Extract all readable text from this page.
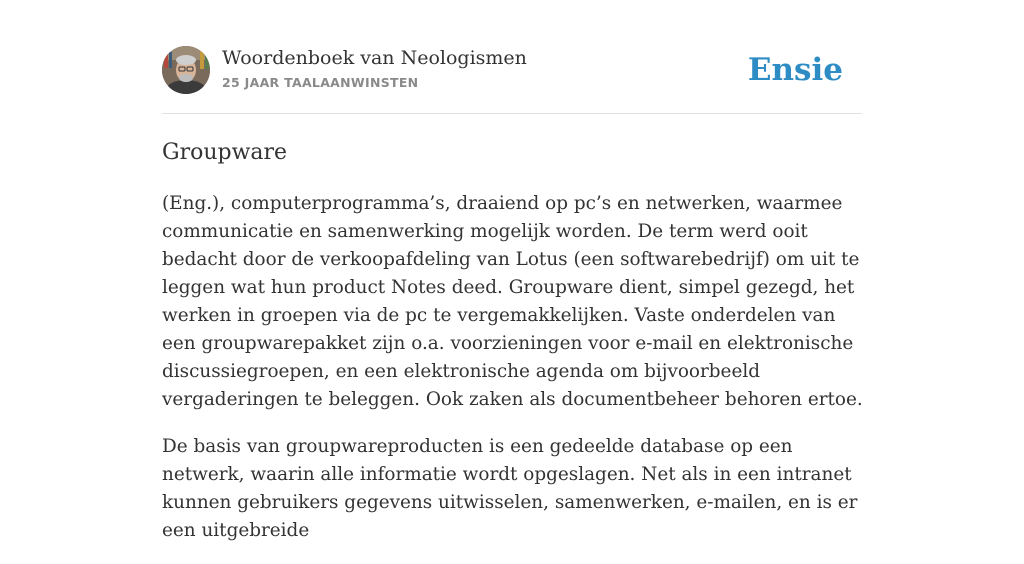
Woordenboek van Neologismen
25 JAAR TAALAANWINSTEN	Ensie
Groupware

(Eng.), computerprogramma’s, draaiend op pc’s en netwerken, waarmee communicatie en samenwerking mogelijk worden. De term werd ooit bedacht door de verkoopafdeling van Lotus (een softwarebedrijf) om uit te leggen wat hun product Notes deed. Groupware dient, simpel gezegd, het werken in groepen via de pc te vergemakkelijken. Vaste onderdelen van een groupwarepakket zijn o.a. voorzieningen voor e-mail en elektronische discussiegroepen, en een elektronische agenda om bijvoorbeeld vergaderingen te beleggen. Ook zaken als documentbeheer behoren ertoe.

De basis van groupwareproducten is een gedeelde database op een netwerk, waarin alle informatie wordt opgeslagen. Net als in een intranet kunnen gebruikers gegevens uitwisselen, samenwerken, e-mailen, en is er een uitgebreide
